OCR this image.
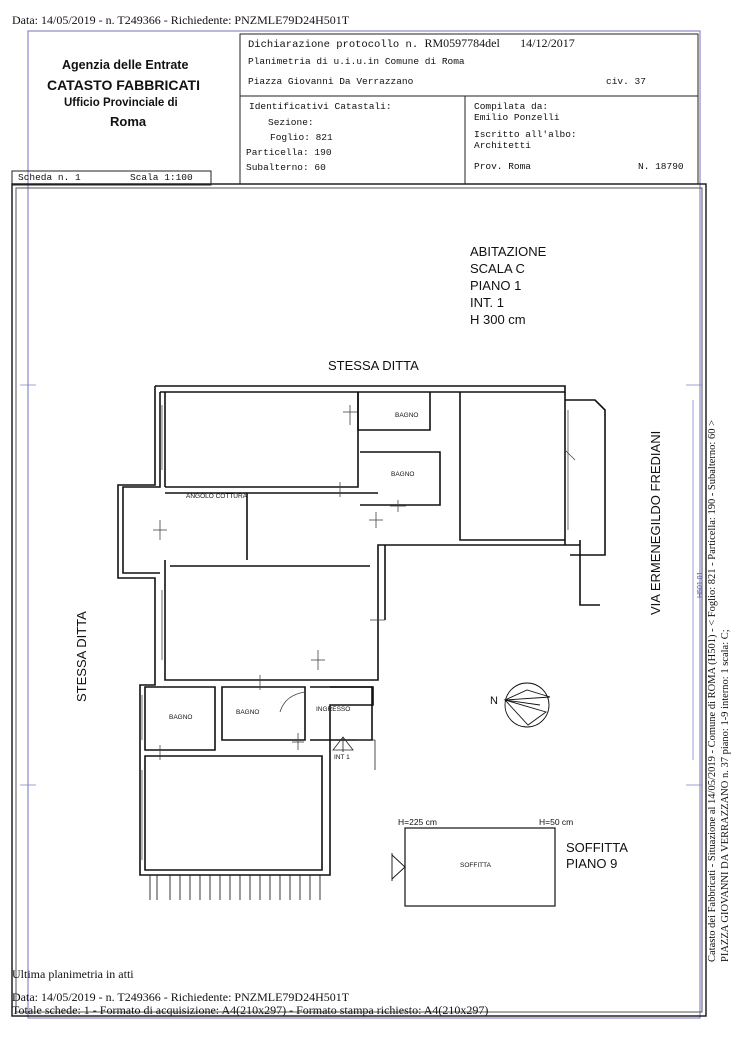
Data: 14/05/2019 - n. T249366 - Richiedente: PNZMLE79D24H501T
Agenzia delle Entrate
CATASTO FABBRICATI
Ufficio Provinciale di
Roma
Dichiarazione protocollo n. RM0597784del 14/12/2017
Planimetria di u.i.u.in Comune di Roma
Piazza Giovanni Da Verrazzano	civ. 37
Identificativi Catastali:
Sezione:
Foglio: 821
Particella: 190
Subalterno: 60
Compilata da:
Emilio Ponzelli
Iscritto all'albo:
Architetti
Prov. Roma	N. 18790
Scheda n. 1	Scala 1:100
ABITAZIONE
SCALA C
PIANO 1
INT. 1
H 300 cm
STESSA DITTA
STESSA DITTA
VIA ERMENEGILDO FREDIANI
BAGNO
BAGNO
ANGOLO COTTURA
BAGNO
BAGNO	INGRESSO
INT 1
N
H=225 cm	H=50 cm
SOFFITTA
SOFFITTA
PIANO 9	Catasto dei Fabbricati - Situazione al 14/05/2019 - Comune di ROMA (H501) - < Foglio: 821 - Particella: 190 - Subalterno: 60 > PIAZZA GIOVANNI DA VERRAZZANO n. 37 piano: 1-9 interno: 1 scala: C;
H501 01
Ultima planimetria in atti
Data: 14/05/2019 - n. T249366 - Richiedente: PNZMLE79D24H501T
Totale schede: 1 - Formato di acquisizione: A4(210x297) - Formato stampa richiesto: A4(210x297)
